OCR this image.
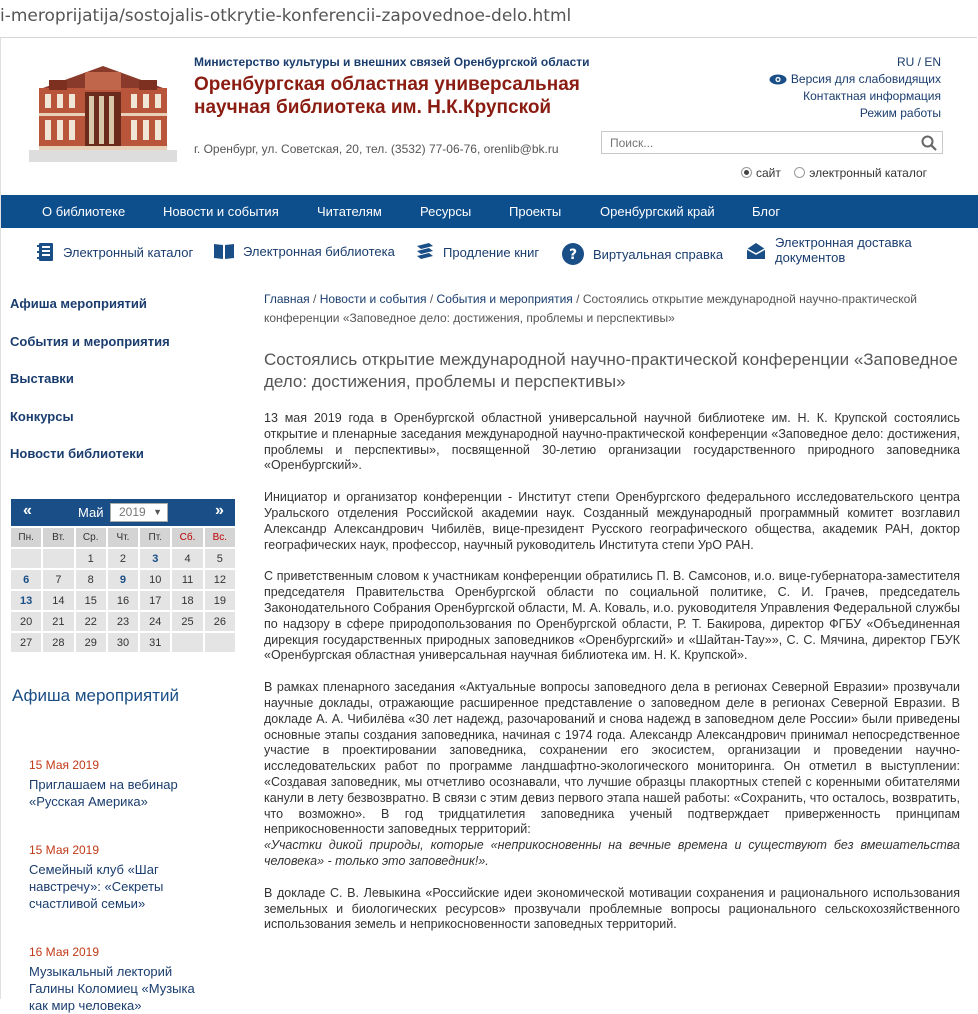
i-meroprijatija/sostojalis-otkrytie-konferencii-zapovednoe-delo.html
Министерство культуры и внешних связей Оренбургской области
Оренбургская областная универсальная
научная библиотека им. Н.К.Крупской
г. Оренбург, ул. Советская, 20, тел. (3532) 77-06-76, orenlib@bk.ru
RU / EN
Версия для слабовидящих
Контактная информация
Режим работы
Поиск...
сайт электронный каталог
О библиотеке	Новости и события	Читателям	Ресурсы	Проекты	Оренбургский край	Блог
Электронный каталог	Электронная библиотека	Продление книг ? Виртуальная справка
Электронная доставка
документов
Афиша мероприятий
События и мероприятия
Выставки
Конкурсы
Новости библиотеки
«	Май	2019 ▼	»
Пн.	Вт.	Ср.	Чт.	Пт.	Сб.	Вс.
		1	2	3	4	5
6	7	8	9	10	11	12
13	14	15	16	17	18	19
20	21	22	23	24	25	26
27	28	29	30	31		
Афиша мероприятий
15 Мая 2019
Приглашаем на вебинар «Русская Америка»
15 Мая 2019
Семейный клуб «Шаг навстречу»: «Секреты счастливой семьи»
16 Мая 2019
Музыкальный лекторий Галины Коломиец «Музыка как мир человека»
Главная / Новости и события / События и мероприятия / Состоялись открытие международной научно-практической конференции «Заповедное дело: достижения, проблемы и перспективы»
Состоялись открытие международной научно-практической конференции «Заповедное дело: достижения, проблемы и перспективы»

13 мая 2019 года в Оренбургской областной универсальной научной библиотеке им. Н. К. Крупской состоялись открытие и пленарные заседания международной научно-практической конференции «Заповедное дело: достижения, проблемы и перспективы», посвященной 30-летию организации государственного природного заповедника «Оренбургский».

Инициатор и организатор конференции - Институт степи Оренбургского федерального исследовательского центра Уральского отделения Российской академии наук. Созданный международный программный комитет возглавил Александр Александрович Чибилёв, вице-президент Русского географического общества, академик РАН, доктор географических наук, профессор, научный руководитель Института степи УрО РАН.

С приветственным словом к участникам конференции обратились П. В. Самсонов, и.о. вице-губернатора-заместителя председателя Правительства Оренбургской области по социальной политике, С. И. Грачев, председатель Законодательного Собрания Оренбургской области, М. А. Коваль, и.о. руководителя Управления Федеральной службы по надзору в сфере природопользования по Оренбургской области, Р. Т. Бакирова, директор ФГБУ «Объединенная дирекция государственных природных заповедников «Оренбургский» и «Шайтан-Тау»», С. С. Мячина, директор ГБУК «Оренбургская областная универсальная научная библиотека им. Н. К. Крупской».

В рамках пленарного заседания «Актуальные вопросы заповедного дела в регионах Северной Евразии» прозвучали научные доклады, отражающие расширенное представление о заповедном деле в регионах Северной Евразии. В докладе А. А. Чибилёва «30 лет надежд, разочарований и снова надежд в заповедном деле России» были приведены основные этапы создания заповедника, начиная с 1974 года. Александр Александрович принимал непосредственное участие в проектировании заповедника, сохранении его экосистем, организации и проведении научно-исследовательских работ по программе ландшафтно-экологического мониторинга. Он отметил в выступлении: «Создавая заповедник, мы отчетливо осознавали, что лучшие образцы плакортных степей с коренными обитателями канули в лету безвозвратно. В связи с этим девиз первого этапа нашей работы: «Сохранить, что осталось, возвратить, что возможно». В год тридцатилетия заповедника ученый подтверждает приверженность принципам неприкосновенности заповедных территорий:

«Участки дикой природы, которые «неприкосновенны на вечные времена и существуют без вмешательства человека» - только это заповедник!».

В докладе С. В. Левыкина «Российские идеи экономической мотивации сохранения и рационального использования земельных и биологических ресурсов» прозвучали проблемные вопросы рационального сельскохозяйственного использования земель и неприкосновенности заповедных территорий.
